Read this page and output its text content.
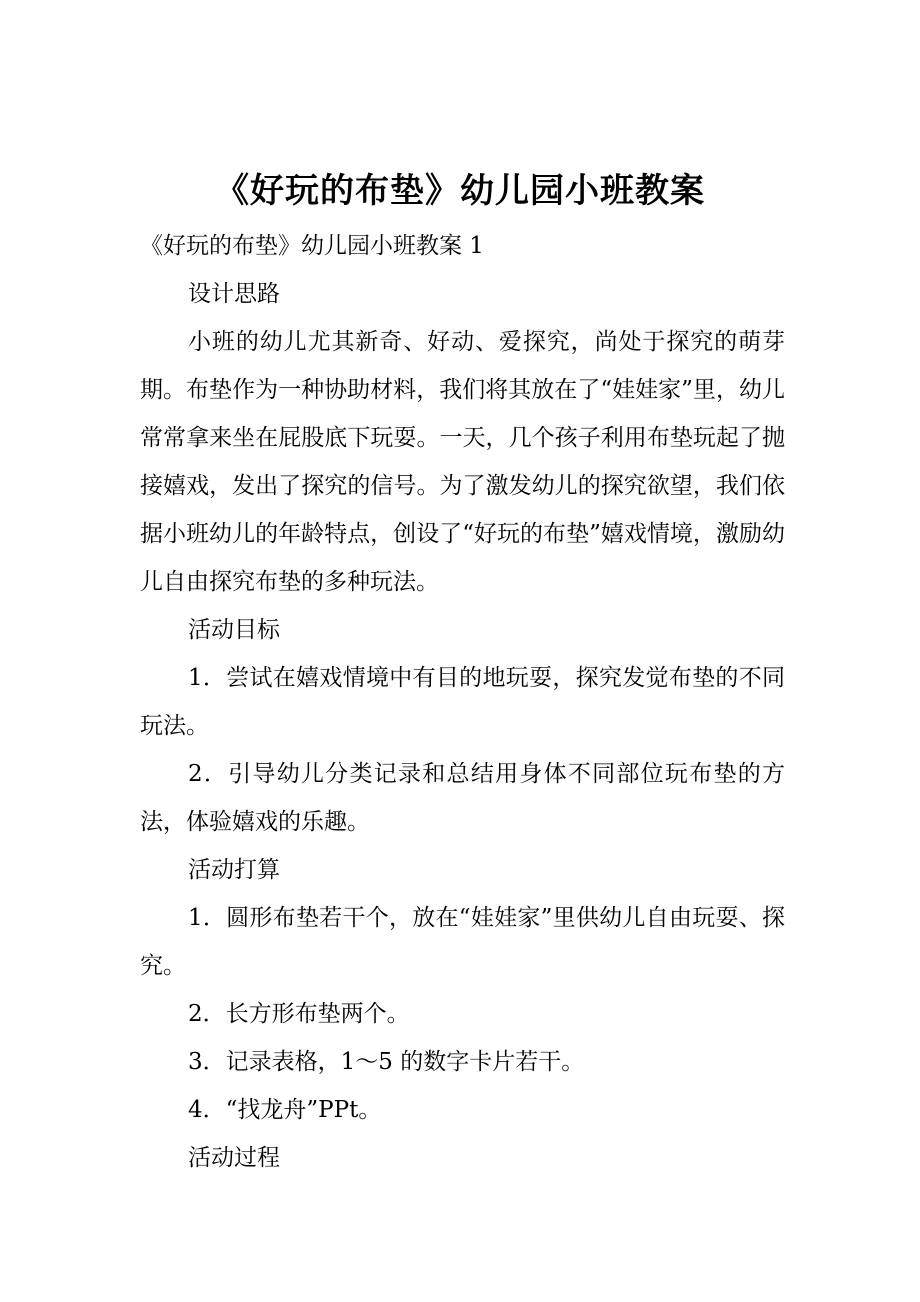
《好玩的布垫》幼儿园小班教案

《好玩的布垫》幼儿园小班教案 1

设计思路

小班的幼儿尤其新奇、好动、爱探究，尚处于探究的萌芽期。布垫作为一种协助材料，我们将其放在了“娃娃家”里，幼儿常常拿来坐在屁股底下玩耍。一天，几个孩子利用布垫玩起了抛接嬉戏，发出了探究的信号。为了激发幼儿的探究欲望，我们依据小班幼儿的年龄特点，创设了“好玩的布垫”嬉戏情境，激励幼儿自由探究布垫的多种玩法。

活动目标

1．尝试在嬉戏情境中有目的地玩耍，探究发觉布垫的不同玩法。

2．引导幼儿分类记录和总结用身体不同部位玩布垫的方法，体验嬉戏的乐趣。

活动打算

1．圆形布垫若干个，放在“娃娃家”里供幼儿自由玩耍、探究。

2．长方形布垫两个。

3．记录表格，1～5 的数字卡片若干。

4．“找龙舟”PPt。

活动过程
